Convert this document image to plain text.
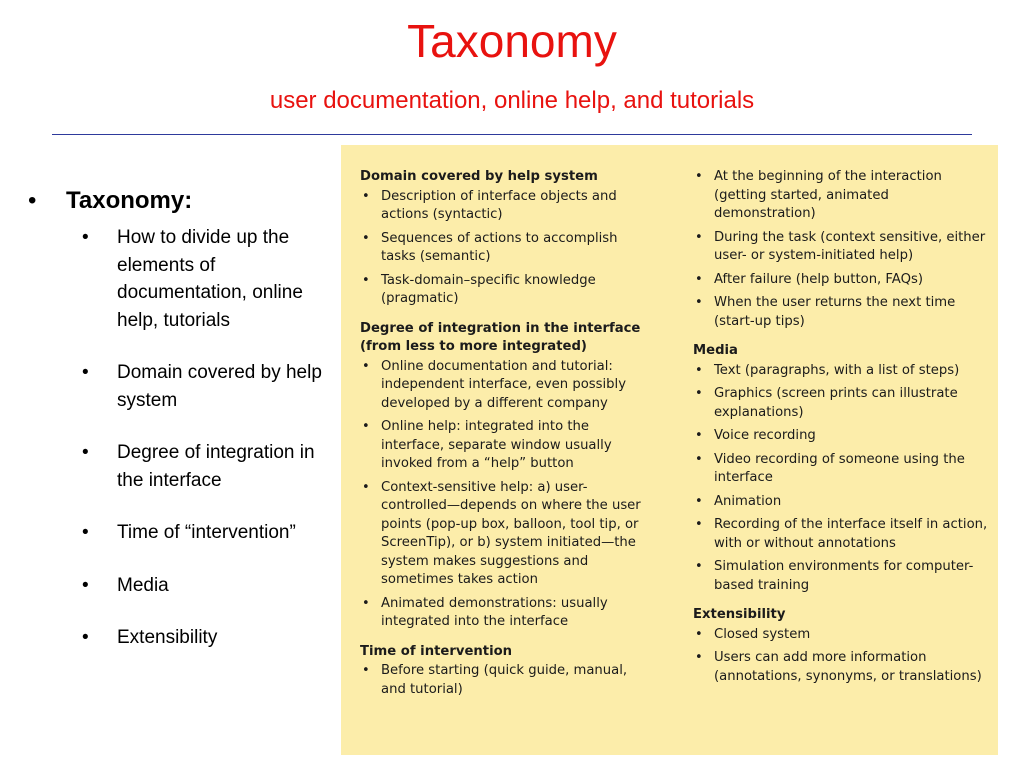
Taxonomy
user documentation, online help, and tutorials
• Taxonomy:
• How to divide up the elements of documentation, online help, tutorials
• Domain covered by help system
• Degree of integration in the interface
• Time of “intervention”
• Media
• Extensibility
Domain covered by help system
• Description of interface objects and actions (syntactic)
• Sequences of actions to accomplish tasks (semantic)
• Task-domain–specific knowledge (pragmatic)
Degree of integration in the interface (from less to more integrated)
• Online documentation and tutorial: independent interface, even possibly developed by a different company
• Online help: integrated into the interface, separate window usually invoked from a “help” button
• Context-sensitive help: a) user-controlled—depends on where the user points (pop-up box, balloon, tool tip, or ScreenTip), or b) system initiated—the system makes suggestions and sometimes takes action
• Animated demonstrations: usually integrated into the interface
Time of intervention
• Before starting (quick guide, manual, and tutorial)
• At the beginning of the interaction (getting started, animated demonstration)
• During the task (context sensitive, either user- or system-initiated help)
• After failure (help button, FAQs)
• When the user returns the next time (start-up tips)
Media
• Text (paragraphs, with a list of steps)
• Graphics (screen prints can illustrate explanations)
• Voice recording
• Video recording of someone using the interface
• Animation
• Recording of the interface itself in action, with or without annotations
• Simulation environments for computer-based training
Extensibility
• Closed system
• Users can add more information (annotations, synonyms, or translations)
